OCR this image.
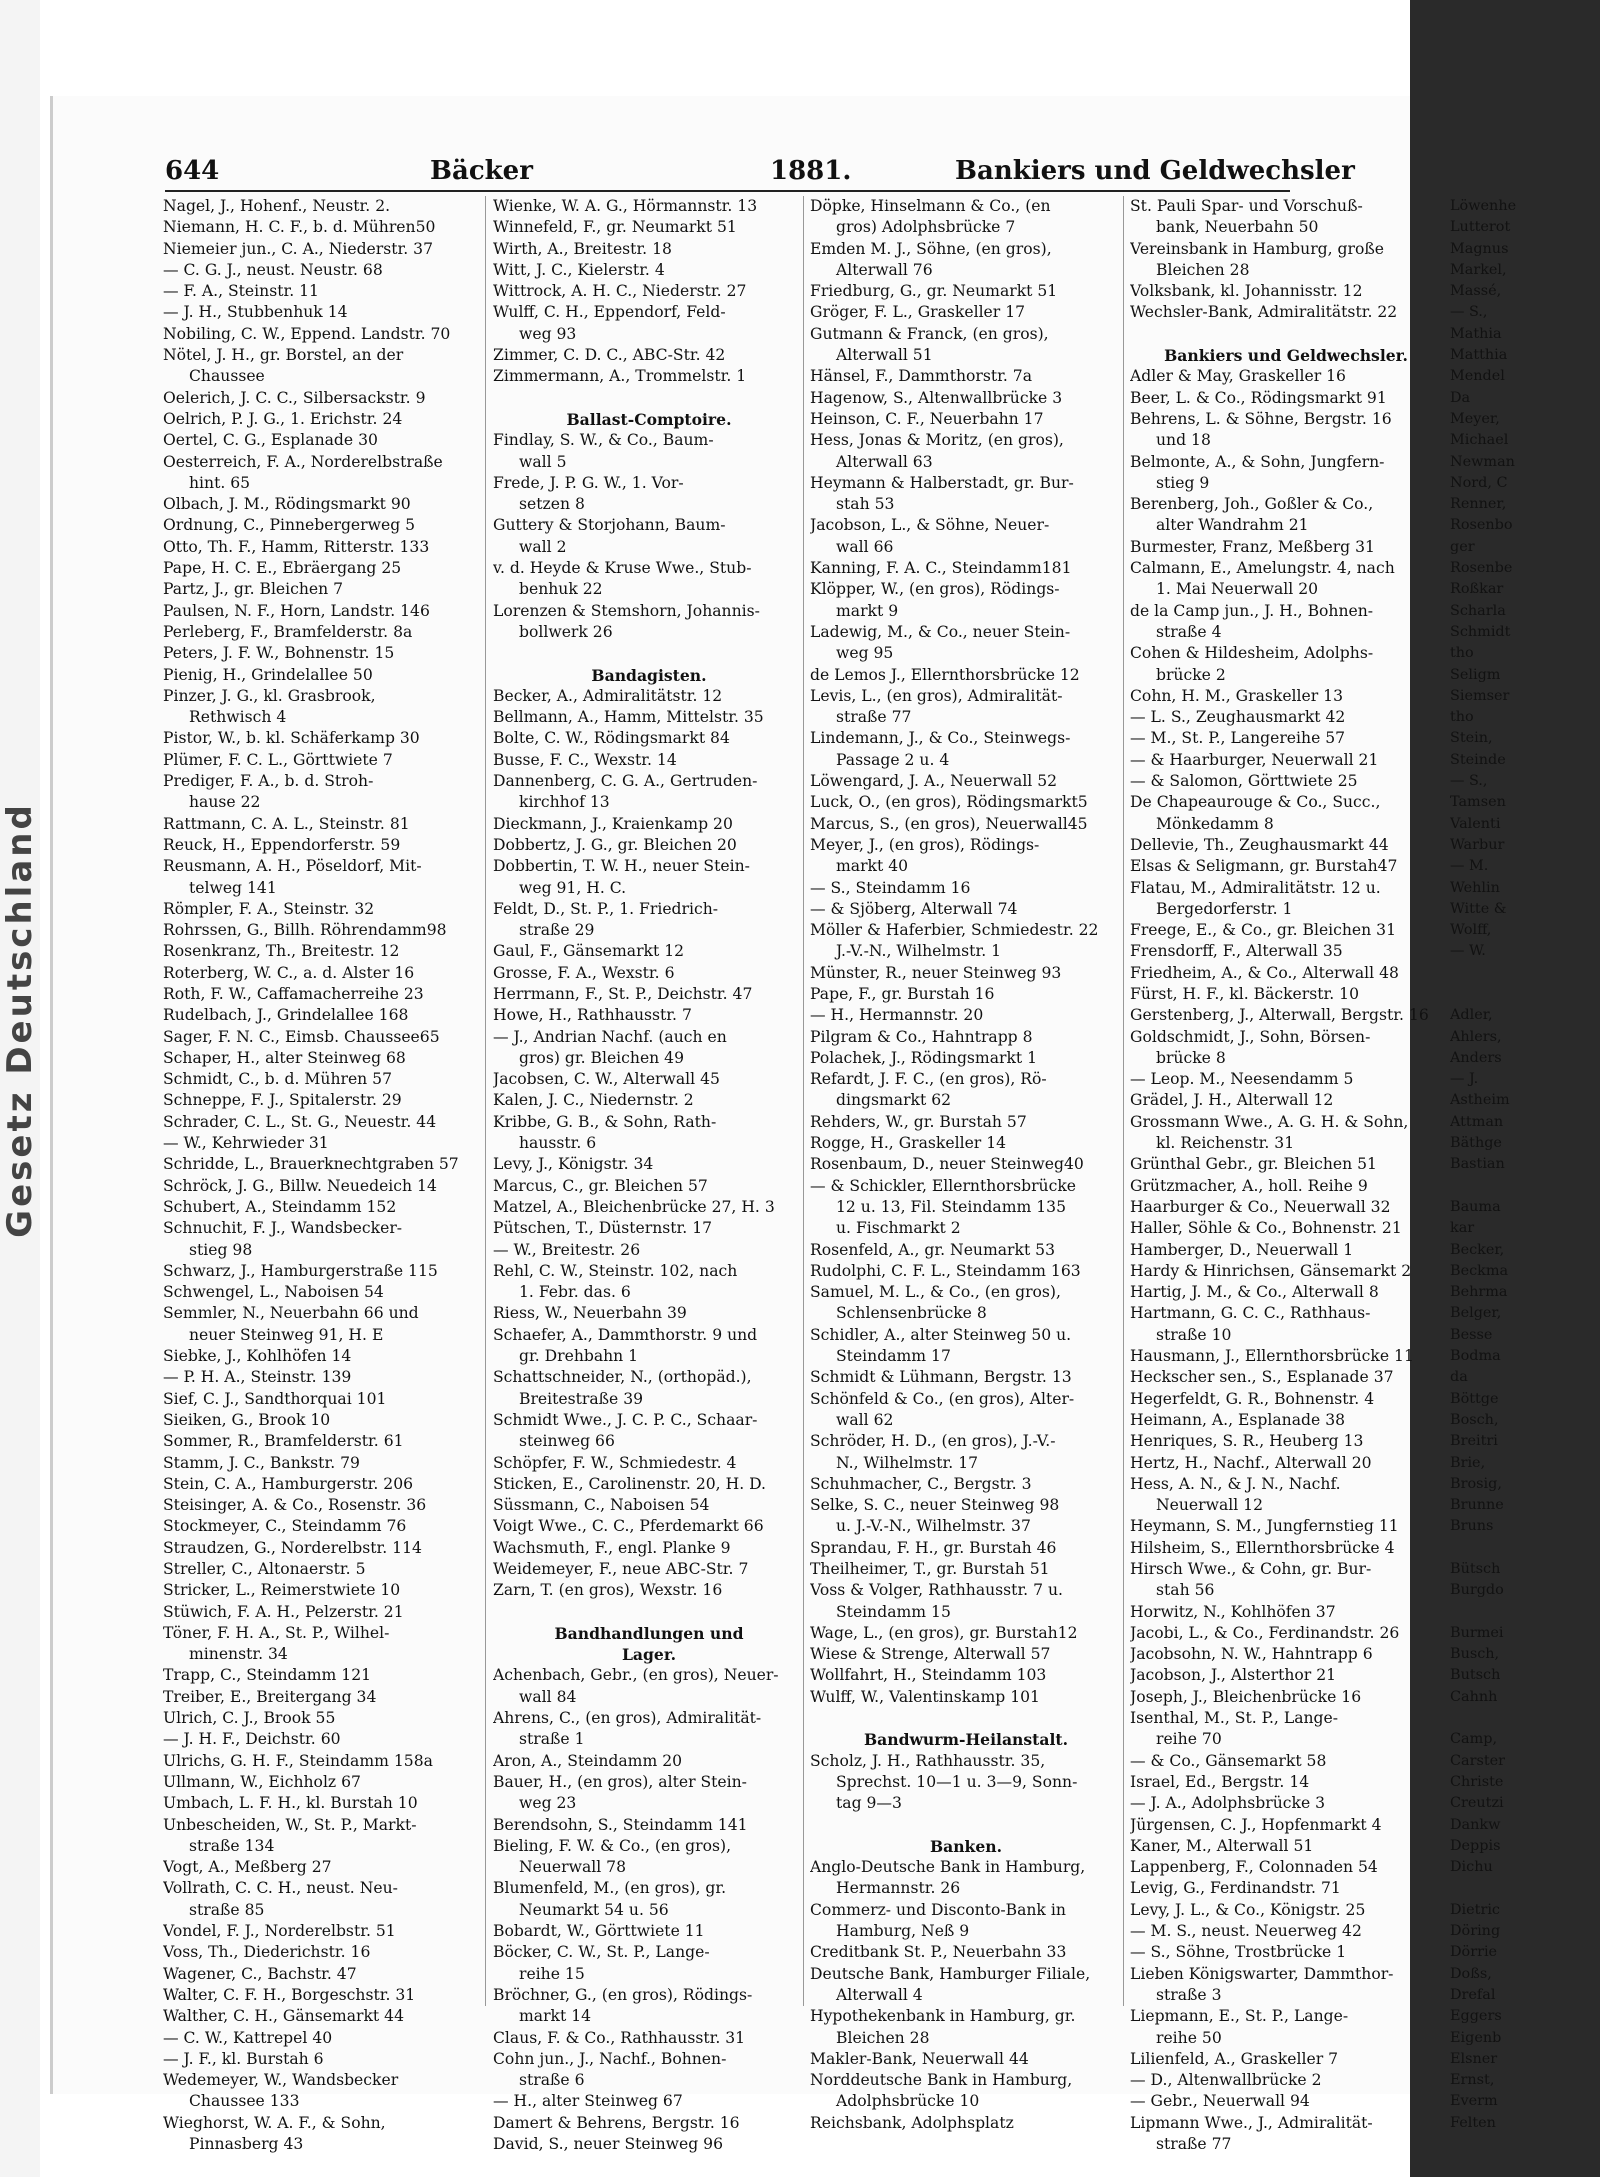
Gesetz Deutschland
644	Bäcker	1881.	Bankiers und Geldwechsler
Nagel, J., Hohenf., Neustr. 2.
Niemann, H. C. F., b. d. Mühren50
Niemeier jun., C. A., Niederstr. 37
— C. G. J., neust. Neustr. 68
— F. A., Steinstr. 11
— J. H., Stubbenhuk 14
Nobiling, C. W., Eppend. Landstr. 70
Nötel, J. H., gr. Borstel, an der
Chaussee
Oelerich, J. C. C., Silbersackstr. 9
Oelrich, P. J. G., 1. Erichstr. 24
Oertel, C. G., Esplanade 30
Oesterreich, F. A., Norderelbstraße
hint. 65
Olbach, J. M., Rödingsmarkt 90
Ordnung, C., Pinnebergerweg 5
Otto, Th. F., Hamm, Ritterstr. 133
Pape, H. C. E., Ebräergang 25
Partz, J., gr. Bleichen 7
Paulsen, N. F., Horn, Landstr. 146
Perleberg, F., Bramfelderstr. 8a
Peters, J. F. W., Bohnenstr. 15
Pienig, H., Grindelallee 50
Pinzer, J. G., kl. Grasbrook,
Rethwisch 4
Pistor, W., b. kl. Schäferkamp 30
Plümer, F. C. L., Görttwiete 7
Prediger, F. A., b. d. Stroh-
hause 22
Rattmann, C. A. L., Steinstr. 81
Reuck, H., Eppendorferstr. 59
Reusmann, A. H., Pöseldorf, Mit-
telweg 141
Römpler, F. A., Steinstr. 32
Rohrssen, G., Billh. Röhrendamm98
Rosenkranz, Th., Breitestr. 12
Roterberg, W. C., a. d. Alster 16
Roth, F. W., Caffamacherreihe 23
Rudelbach, J., Grindelallee 168
Sager, F. N. C., Eimsb. Chaussee65
Schaper, H., alter Steinweg 68
Schmidt, C., b. d. Mühren 57
Schneppe, F. J., Spitalerstr. 29
Schrader, C. L., St. G., Neuestr. 44
— W., Kehrwieder 31
Schridde, L., Brauerknechtgraben 57
Schröck, J. G., Billw. Neuedeich 14
Schubert, A., Steindamm 152
Schnuchit, F. J., Wandsbecker-
stieg 98
Schwarz, J., Hamburgerstraße 115
Schwengel, L., Naboisen 54
Semmler, N., Neuerbahn 66 und
neuer Steinweg 91, H. E
Siebke, J., Kohlhöfen 14
— P. H. A., Steinstr. 139
Sief, C. J., Sandthorquai 101
Sieiken, G., Brook 10
Sommer, R., Bramfelderstr. 61
Stamm, J. C., Bankstr. 79
Stein, C. A., Hamburgerstr. 206
Steisinger, A. & Co., Rosenstr. 36
Stockmeyer, C., Steindamm 76
Straudzen, G., Norderelbstr. 114
Streller, C., Altonaerstr. 5
Stricker, L., Reimerstwiete 10
Stüwich, F. A. H., Pelzerstr. 21
Töner, F. H. A., St. P., Wilhel-
minenstr. 34
Trapp, C., Steindamm 121
Treiber, E., Breitergang 34
Ulrich, C. J., Brook 55
— J. H. F., Deichstr. 60
Ulrichs, G. H. F., Steindamm 158a
Ullmann, W., Eichholz 67
Umbach, L. F. H., kl. Burstah 10
Unbescheiden, W., St. P., Markt-
straße 134
Vogt, A., Meßberg 27
Vollrath, C. C. H., neust. Neu-
straße 85
Vondel, F. J., Norderelbstr. 51
Voss, Th., Diederichstr. 16
Wagener, C., Bachstr. 47
Walter, C. F. H., Borgeschstr. 31
Walther, C. H., Gänsemarkt 44
— C. W., Kattrepel 40
— J. F., kl. Burstah 6
Wedemeyer, W., Wandsbecker
Chaussee 133
Wieghorst, W. A. F., & Sohn,
Pinnasberg 43
Wienke, W. A. G., Hörmannstr. 13
Winnefeld, F., gr. Neumarkt 51
Wirth, A., Breitestr. 18
Witt, J. C., Kielerstr. 4
Wittrock, A. H. C., Niederstr. 27
Wulff, C. H., Eppendorf, Feld-
weg 93
Zimmer, C. D. C., ABC-Str. 42
Zimmermann, A., Trommelstr. 1
Ballast-Comptoire.
Findlay, S. W., & Co., Baum-
wall 5
Frede, J. P. G. W., 1. Vor-
setzen 8
Guttery & Storjohann, Baum-
wall 2
v. d. Heyde & Kruse Wwe., Stub-
benhuk 22
Lorenzen & Stemshorn, Johannis-
bollwerk 26
Bandagisten.
Becker, A., Admiralitätstr. 12
Bellmann, A., Hamm, Mittelstr. 35
Bolte, C. W., Rödingsmarkt 84
Busse, F. C., Wexstr. 14
Dannenberg, C. G. A., Gertruden-
kirchhof 13
Dieckmann, J., Kraienkamp 20
Dobbertz, J. G., gr. Bleichen 20
Dobbertin, T. W. H., neuer Stein-
weg 91, H. C.
Feldt, D., St. P., 1. Friedrich-
straße 29
Gaul, F., Gänsemarkt 12
Grosse, F. A., Wexstr. 6
Herrmann, F., St. P., Deichstr. 47
Howe, H., Rathhausstr. 7
— J., Andrian Nachf. (auch en
gros) gr. Bleichen 49
Jacobsen, C. W., Alterwall 45
Kalen, J. C., Niedernstr. 2
Kribbe, G. B., & Sohn, Rath-
hausstr. 6
Levy, J., Königstr. 34
Marcus, C., gr. Bleichen 57
Matzel, A., Bleichenbrücke 27, H. 3
Pütschen, T., Düsternstr. 17
— W., Breitestr. 26
Rehl, C. W., Steinstr. 102, nach
1. Febr. das. 6
Riess, W., Neuerbahn 39
Schaefer, A., Dammthorstr. 9 und
gr. Drehbahn 1
Schattschneider, N., (orthopäd.),
Breitestraße 39
Schmidt Wwe., J. C. P. C., Schaar-
steinweg 66
Schöpfer, F. W., Schmiedestr. 4
Sticken, E., Carolinenstr. 20, H. D.
Süssmann, C., Naboisen 54
Voigt Wwe., C. C., Pferdemarkt 66
Wachsmuth, F., engl. Planke 9
Weidemeyer, F., neue ABC-Str. 7
Zarn, T. (en gros), Wexstr. 16
Bandhandlungen und
Lager.
Achenbach, Gebr., (en gros), Neuer-
wall 84
Ahrens, C., (en gros), Admiralität-
straße 1
Aron, A., Steindamm 20
Bauer, H., (en gros), alter Stein-
weg 23
Berendsohn, S., Steindamm 141
Bieling, F. W. & Co., (en gros),
Neuerwall 78
Blumenfeld, M., (en gros), gr.
Neumarkt 54 u. 56
Bobardt, W., Görttwiete 11
Böcker, C. W., St. P., Lange-
reihe 15
Bröchner, G., (en gros), Rödings-
markt 14
Claus, F. & Co., Rathhausstr. 31
Cohn jun., J., Nachf., Bohnen-
straße 6
— H., alter Steinweg 67
Damert & Behrens, Bergstr. 16
David, S., neuer Steinweg 96
Döpke, Hinselmann & Co., (en
gros) Adolphsbrücke 7
Emden M. J., Söhne, (en gros),
Alterwall 76
Friedburg, G., gr. Neumarkt 51
Gröger, F. L., Graskeller 17
Gutmann & Franck, (en gros),
Alterwall 51
Hänsel, F., Dammthorstr. 7a
Hagenow, S., Altenwallbrücke 3
Heinson, C. F., Neuerbahn 17
Hess, Jonas & Moritz, (en gros),
Alterwall 63
Heymann & Halberstadt, gr. Bur-
stah 53
Jacobson, L., & Söhne, Neuer-
wall 66
Kanning, F. A. C., Steindamm181
Klöpper, W., (en gros), Rödings-
markt 9
Ladewig, M., & Co., neuer Stein-
weg 95
de Lemos J., Ellernthorsbrücke 12
Levis, L., (en gros), Admiralität-
straße 77
Lindemann, J., & Co., Steinwegs-
Passage 2 u. 4
Löwengard, J. A., Neuerwall 52
Luck, O., (en gros), Rödingsmarkt5
Marcus, S., (en gros), Neuerwall45
Meyer, J., (en gros), Rödings-
markt 40
— S., Steindamm 16
— & Sjöberg, Alterwall 74
Möller & Haferbier, Schmiedestr. 22
J.-V.-N., Wilhelmstr. 1
Münster, R., neuer Steinweg 93
Pape, F., gr. Burstah 16
— H., Hermannstr. 20
Pilgram & Co., Hahntrapp 8
Polachek, J., Rödingsmarkt 1
Refardt, J. F. C., (en gros), Rö-
dingsmarkt 62
Rehders, W., gr. Burstah 57
Rogge, H., Graskeller 14
Rosenbaum, D., neuer Steinweg40
— & Schickler, Ellernthorsbrücke
12 u. 13, Fil. Steindamm 135
u. Fischmarkt 2
Rosenfeld, A., gr. Neumarkt 53
Rudolphi, C. F. L., Steindamm 163
Samuel, M. L., & Co., (en gros),
Schlensenbrücke 8
Schidler, A., alter Steinweg 50 u.
Steindamm 17
Schmidt & Lühmann, Bergstr. 13
Schönfeld & Co., (en gros), Alter-
wall 62
Schröder, H. D., (en gros), J.-V.-
N., Wilhelmstr. 17
Schuhmacher, C., Bergstr. 3
Selke, S. C., neuer Steinweg 98
u. J.-V.-N., Wilhelmstr. 37
Sprandau, F. H., gr. Burstah 46
Theilheimer, T., gr. Burstah 51
Voss & Volger, Rathhausstr. 7 u.
Steindamm 15
Wage, L., (en gros), gr. Burstah12
Wiese & Strenge, Alterwall 57
Wollfahrt, H., Steindamm 103
Wulff, W., Valentinskamp 101
Bandwurm-Heilanstalt.
Scholz, J. H., Rathhausstr. 35,
Sprechst. 10—1 u. 3—9, Sonn-
tag 9—3
Banken.
Anglo-Deutsche Bank in Hamburg,
Hermannstr. 26
Commerz- und Disconto-Bank in
Hamburg, Neß 9
Creditbank St. P., Neuerbahn 33
Deutsche Bank, Hamburger Filiale,
Alterwall 4
Hypothekenbank in Hamburg, gr.
Bleichen 28
Makler-Bank, Neuerwall 44
Norddeutsche Bank in Hamburg,
Adolphsbrücke 10
Reichsbank, Adolphsplatz
St. Pauli Spar- und Vorschuß-
bank, Neuerbahn 50
Vereinsbank in Hamburg, große
Bleichen 28
Volksbank, kl. Johannisstr. 12
Wechsler-Bank, Admiralitätstr. 22
Bankiers und Geldwechsler.
Adler & May, Graskeller 16
Beer, L. & Co., Rödingsmarkt 91
Behrens, L. & Söhne, Bergstr. 16
und 18
Belmonte, A., & Sohn, Jungfern-
stieg 9
Berenberg, Joh., Goßler & Co.,
alter Wandrahm 21
Burmester, Franz, Meßberg 31
Calmann, E., Amelungstr. 4, nach
1. Mai Neuerwall 20
de la Camp jun., J. H., Bohnen-
straße 4
Cohen & Hildesheim, Adolphs-
brücke 2
Cohn, H. M., Graskeller 13
— L. S., Zeughausmarkt 42
— M., St. P., Langereihe 57
— & Haarburger, Neuerwall 21
— & Salomon, Görttwiete 25
De Chapeaurouge & Co., Succ.,
Mönkedamm 8
Dellevie, Th., Zeughausmarkt 44
Elsas & Seligmann, gr. Burstah47
Flatau, M., Admiralitätstr. 12 u.
Bergedorferstr. 1
Freege, E., & Co., gr. Bleichen 31
Frensdorff, F., Alterwall 35
Friedheim, A., & Co., Alterwall 48
Fürst, H. F., kl. Bäckerstr. 10
Gerstenberg, J., Alterwall, Bergstr. 16
Goldschmidt, J., Sohn, Börsen-
brücke 8
— Leop. M., Neesendamm 5
Grädel, J. H., Alterwall 12
Grossmann Wwe., A. G. H. & Sohn,
kl. Reichenstr. 31
Grünthal Gebr., gr. Bleichen 51
Grützmacher, A., holl. Reihe 9
Haarburger & Co., Neuerwall 32
Haller, Söhle & Co., Bohnenstr. 21
Hamberger, D., Neuerwall 1
Hardy & Hinrichsen, Gänsemarkt 2
Hartig, J. M., & Co., Alterwall 8
Hartmann, G. C. C., Rathhaus-
straße 10
Hausmann, J., Ellernthorsbrücke 11
Heckscher sen., S., Esplanade 37
Hegerfeldt, G. R., Bohnenstr. 4
Heimann, A., Esplanade 38
Henriques, S. R., Heuberg 13
Hertz, H., Nachf., Alterwall 20
Hess, A. N., & J. N., Nachf.
Neuerwall 12
Heymann, S. M., Jungfernstieg 11
Hilsheim, S., Ellernthorsbrücke 4
Hirsch Wwe., & Cohn, gr. Bur-
stah 56
Horwitz, N., Kohlhöfen 37
Jacobi, L., & Co., Ferdinandstr. 26
Jacobsohn, N. W., Hahntrapp 6
Jacobson, J., Alsterthor 21
Joseph, J., Bleichenbrücke 16
Isenthal, M., St. P., Lange-
reihe 70
— & Co., Gänsemarkt 58
Israel, Ed., Bergstr. 14
— J. A., Adolphsbrücke 3
Jürgensen, C. J., Hopfenmarkt 4
Kaner, M., Alterwall 51
Lappenberg, F., Colonnaden 54
Levig, G., Ferdinandstr. 71
Levy, J. L., & Co., Königstr. 25
— M. S., neust. Neuerweg 42
— S., Söhne, Trostbrücke 1
Lieben Königswarter, Dammthor-
straße 3
Liepmann, E., St. P., Lange-
reihe 50
Lilienfeld, A., Graskeller 7
— D., Altenwallbrücke 2
— Gebr., Neuerwall 94
Lipmann Wwe., J., Admiralität-
straße 77
Löwenhe
Lutterot
Magnus
Markel,
Massé,
— S.,
Mathia
Matthia
Mendel
Da
Meyer,
Michael
Newman
Nord, C
Renner,
Rosenbo
ger
Rosenbe
Roßkar
Scharla
Schmidt
tho
Seligm
Siemser
tho
Stein,
Steinde
— S.,
Tamsen
Valenti
Warbur
— M.
Wehlin
Witte &
Wolff,
— W.
Adler,
Ahlers,
Anders
— J.
Astheim
Attman
Bäthge
Bastian
Bauma
kar
Becker,
Beckma
Behrma
Belger,
Besse
Bodma
da
Böttge
Bosch,
Breitri
Brie,
Brosig,
Brunne
Bruns
Bütsch
Burgdo
Burmei
Busch,
Butsch
Cahnh
Camp,
Carster
Christe
Creutzi
Dankw
Deppis
Dichu
Dietric
Döring
Dörrie
Doßs,
Drefal
Eggers
Eigenb
Elsner
Ernst,
Everm
Felten
